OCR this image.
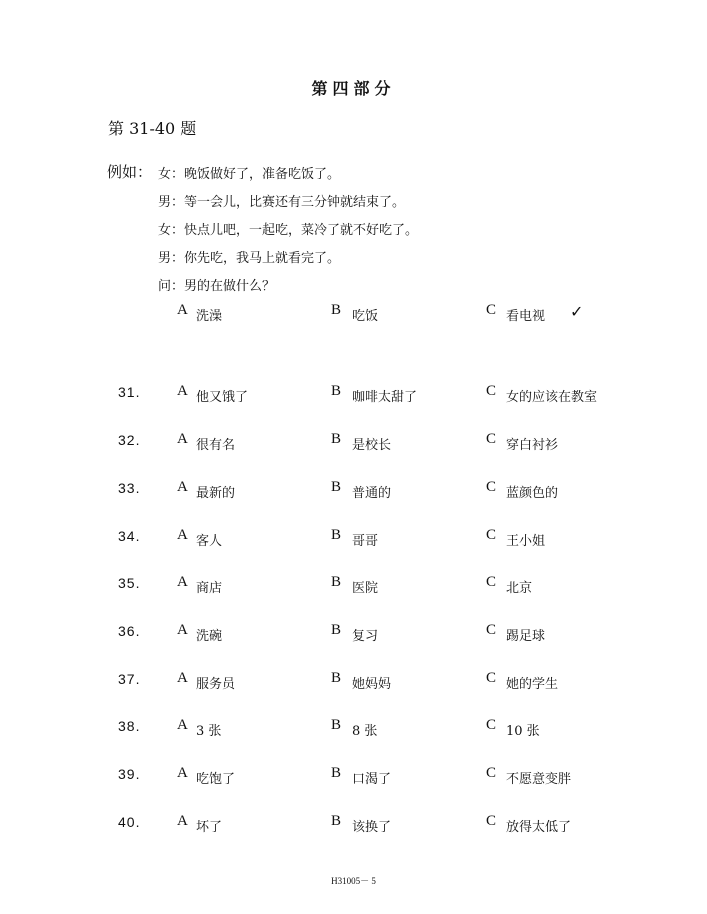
第四部分
第 31-40 题
例如： 女：晚饭做好了，准备吃饭了。
男：等一会儿，比赛还有三分钟就结束了。
女：快点儿吧，一起吃，菜冷了就不好吃了。
男：你先吃，我马上就看完了。
问：男的在做什么？
A 洗澡	B 吃饭	C 看电视 ✓
31. A 他又饿了	B 咖啡太甜了	C 女的应该在教室
32. A 很有名	B 是校长	C 穿白衬衫
33. A 最新的	B 普通的	C 蓝颜色的
34. A 客人	B 哥哥	C 王小姐
35. A 商店	B 医院	C 北京
36. A 洗碗	B 复习	C 踢足球
37. A 服务员	B 她妈妈	C 她的学生
38. A 3 张	B 8 张	C 10 张
39. A 吃饱了	B 口渴了	C 不愿意变胖
40. A 坏了	B 该换了	C 放得太低了
H31005－ 5
